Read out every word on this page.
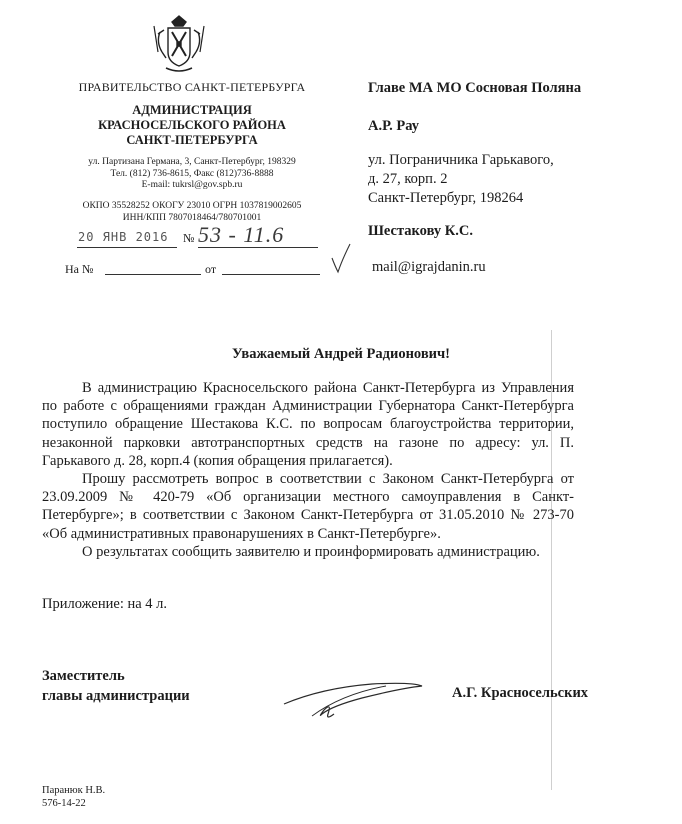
ПРАВИТЕЛЬСТВО САНКТ-ПЕТЕРБУРГА
АДМИНИСТРАЦИЯ
КРАСНОСЕЛЬСКОГО РАЙОНА
САНКТ-ПЕТЕРБУРГА
ул. Партизана Германа, 3, Санкт-Петербург, 198329
Тел. (812) 736-8615, Факс (812)736-8888
E-mail: tukrsl@gov.spb.ru
ОКПО 35528252 ОКОГУ 23010 ОГРН 1037819002605
ИНН/КПП 7807018464/780701001
20 ЯНВ 2016 № 53 - 11.6
На №	от
Главе МА МО Сосновая Поляна
А.Р. Рау
ул. Пограничника Гарькавого,
д. 27, корп. 2
Санкт-Петербург, 198264
Шестакову К.С.
mail@igrajdanin.ru
Уважаемый Андрей Радионович!

В администрацию Красносельского района Санкт-Петербурга из Управления по работе с обращениями граждан Администрации Губернатора Санкт-Петербурга поступило обращение Шестакова К.С. по вопросам благоустройства территории, незаконной парковки автотранспортных средств на газоне по адресу: ул. П. Гарькавого д. 28, корп.4 (копия обращения прилагается).

Прошу рассмотреть вопрос в соответствии с Законом Санкт-Петербурга от 23.09.2009 № 420-79 «Об организации местного самоуправления в Санкт-Петербурге»; в соответствии с Законом Санкт-Петербурга от 31.05.2010 № 273-70 «Об административных правонарушениях в Санкт-Петербурге».

О результатах сообщить заявителю и проинформировать администрацию.

Приложение: на 4 л.
Заместитель
главы администрации	А.Г. Красносельских
Паранюк Н.В.
576-14-22
